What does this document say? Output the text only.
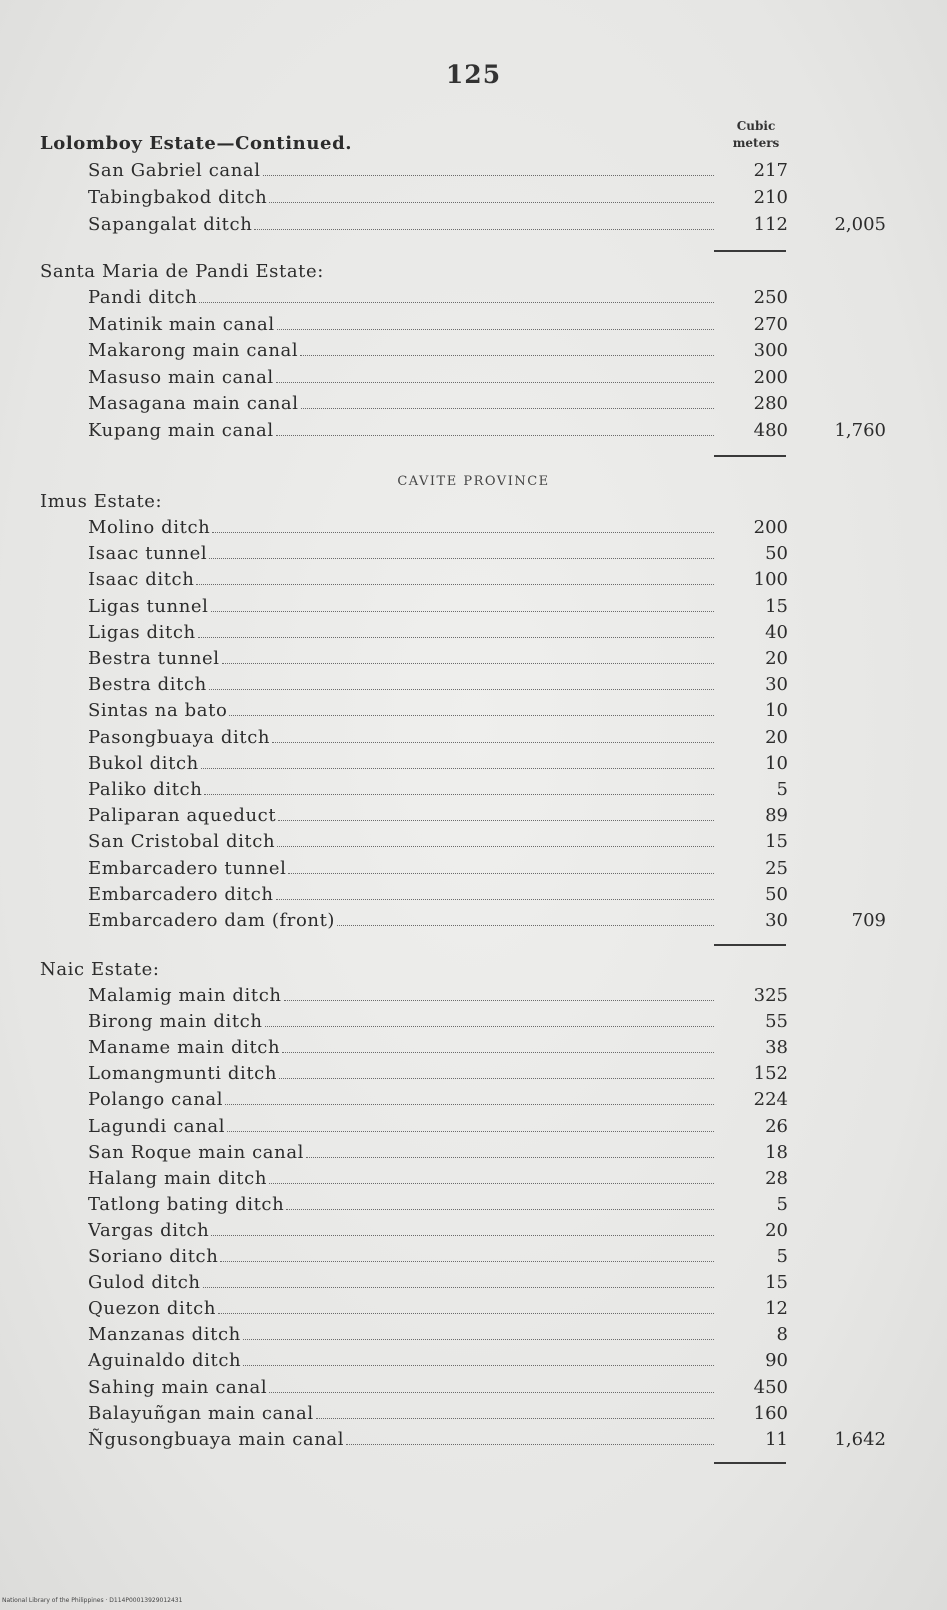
125
Cubic
meters
Lolomboy Estate—Continued.
San Gabriel canal	217
Tabingbakod ditch	210
Sapangalat ditch	112	2,005
Santa Maria de Pandi Estate:
Pandi ditch	250
Matinik main canal	270
Makarong main canal	300
Masuso main canal	200
Masagana main canal	280
Kupang main canal	480	1,760
CAVITE PROVINCE
Imus Estate:
Molino ditch	200
Isaac tunnel	50
Isaac ditch	100
Ligas tunnel	15
Ligas ditch	40
Bestra tunnel	20
Bestra ditch	30
Sintas na bato	10
Pasongbuaya ditch	20
Bukol ditch	10
Paliko ditch	5
Paliparan aqueduct	89
San Cristobal ditch	15
Embarcadero tunnel	25
Embarcadero ditch	50
Embarcadero dam (front)	30	709
Naic Estate:
Malamig main ditch	325
Birong main ditch	55
Maname main ditch	38
Lomangmunti ditch	152
Polango canal	224
Lagundi canal	26
San Roque main canal	18
Halang main ditch	28
Tatlong bating ditch	5
Vargas ditch	20
Soriano ditch	5
Gulod ditch	15
Quezon ditch	12
Manzanas ditch	8
Aguinaldo ditch	90
Sahing main canal	450
Balayuñgan main canal	160
Ñgusongbuaya main canal	11	1,642
National Library of the Philippines · D114P00013929012431
